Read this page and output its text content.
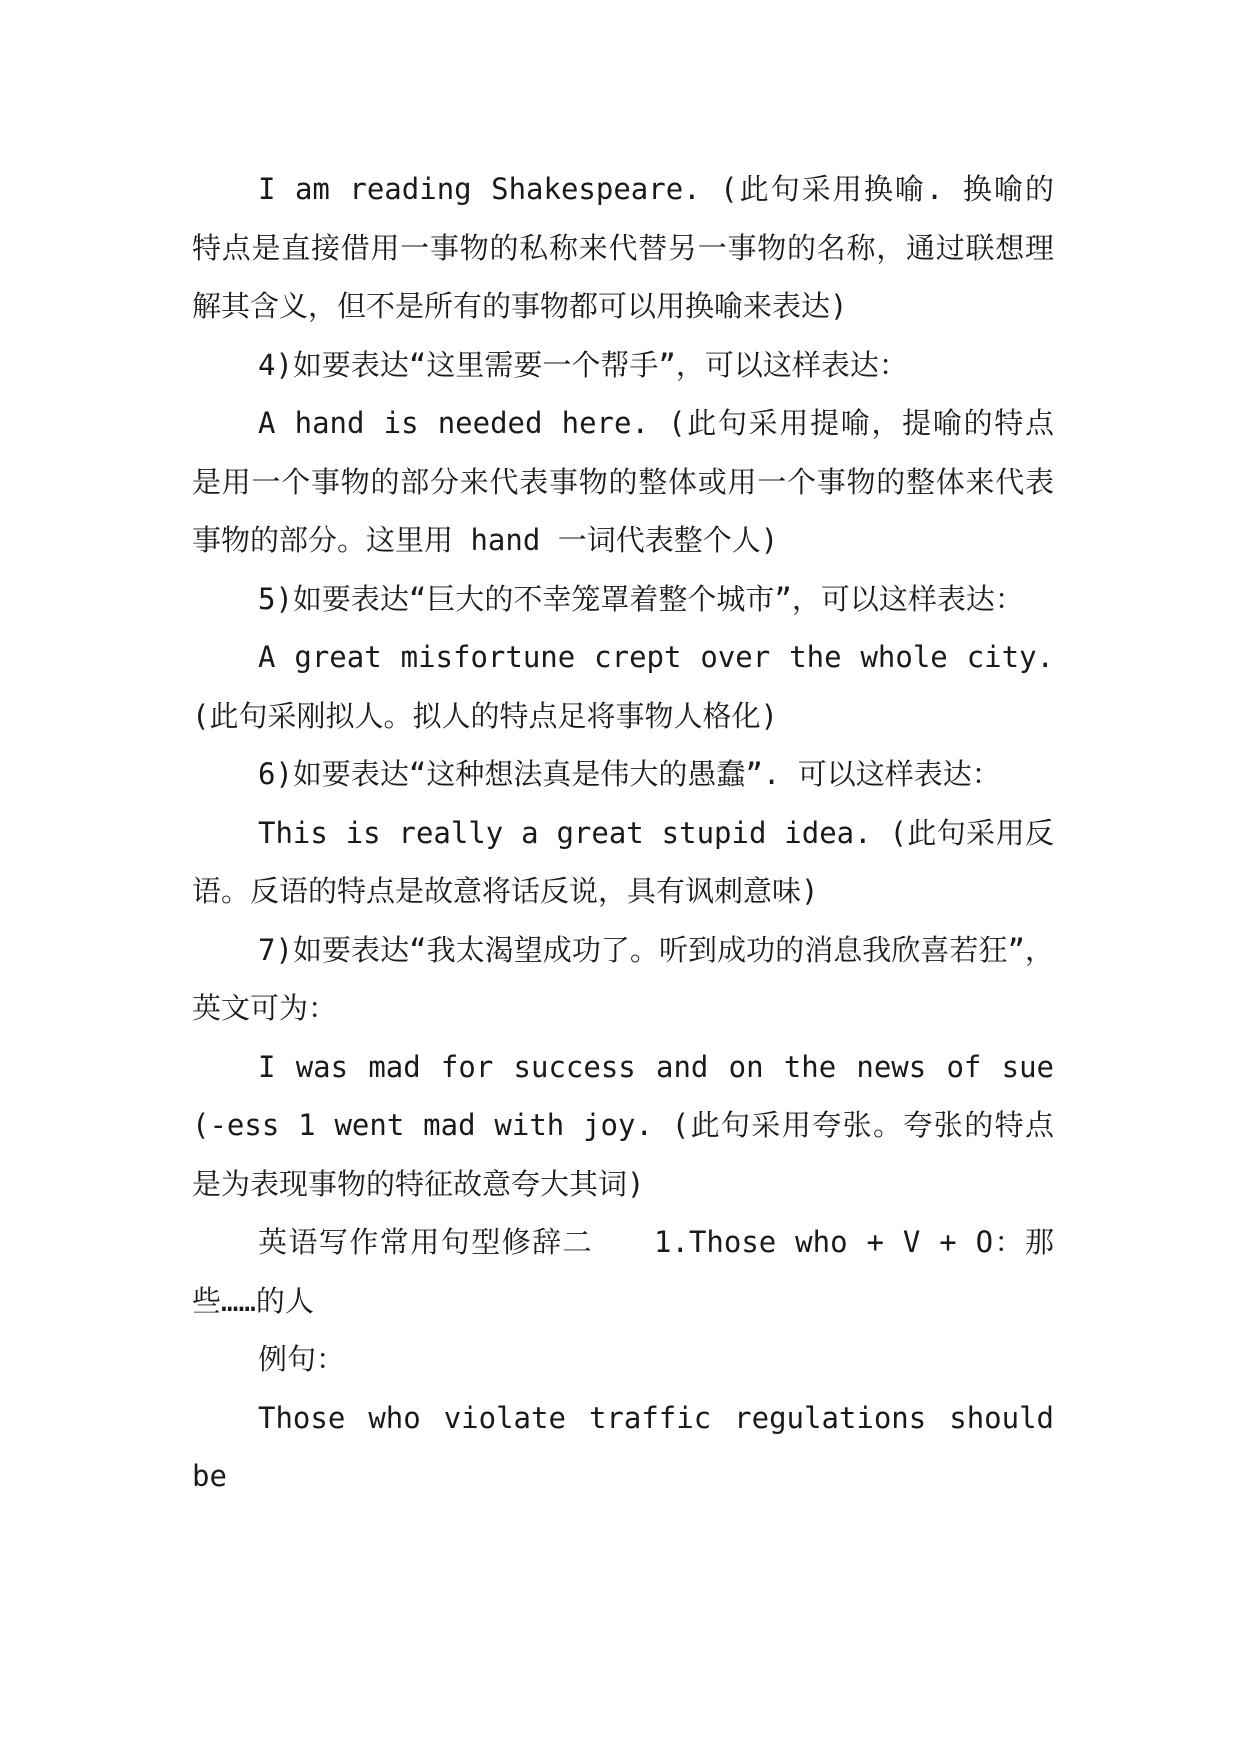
I am reading Shakespeare. (此句采用换喻. 换喻的特点是直接借用一事物的私称来代替另一事物的名称，通过联想理解其含义，但不是所有的事物都可以用换喻来表达)

4)如要表达“这里需要一个帮手”，可以这样表达：

A hand is needed here. (此句采用提喻，提喻的特点是用一个事物的部分来代表事物的整体或用一个事物的整体来代表事物的部分。这里用 hand 一词代表整个人)

5)如要表达“巨大的不幸笼罩着整个城市”，可以这样表达：

A great misfortune crept over the whole city. (此句采刚拟人。拟人的特点足将事物人格化)

6)如要表达“这种想法真是伟大的愚蠢”. 可以这样表达：

This is really a great stupid idea. (此句采用反语。反语的特点是故意将话反说，具有讽刺意味)

7)如要表达“我太渴望成功了。听到成功的消息我欣喜若狂”，英文可为：

I was mad for success and on the news of sue(-ess 1 went mad with joy. (此句采用夸张。夸张的特点是为表现事物的特征故意夸大其词)

英语写作常用句型修辞二　　1.Those who + V + O：那些……的人

例句：

Those who violate traffic regulations should be
